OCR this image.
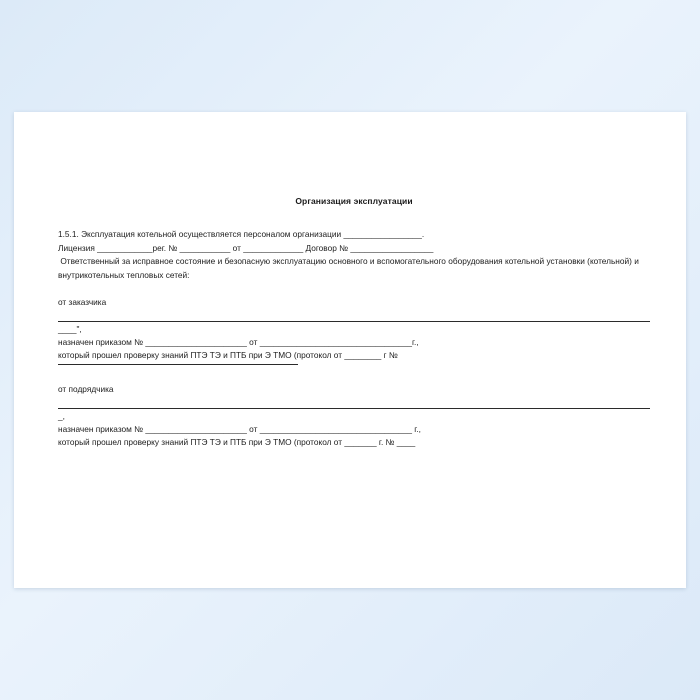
Организация эксплуатации
1.5.1. Эксплуатация котельной осуществляется персоналом организации _________________.
Лицензия ____________рег. № ___________ от _____________ Договор № __________________
Ответственный за исправное состояние и безопасную эксплуатацию основного и вспомогательного оборудования котельной установки (котельной) и внутрикотельных тепловых сетей:
от заказчика
____",
назначен приказом № ______________________ от _________________________________г.,
который прошел проверку знаний ПТЭ ТЭ и ПТБ при Э ТМО (протокол от ________ г №
от подрядчика
_,
назначен приказом № ______________________ от _________________________________ г.,
который прошел проверку знаний ПТЭ ТЭ и ПТБ при Э ТМО (протокол от _______ г. № ____
